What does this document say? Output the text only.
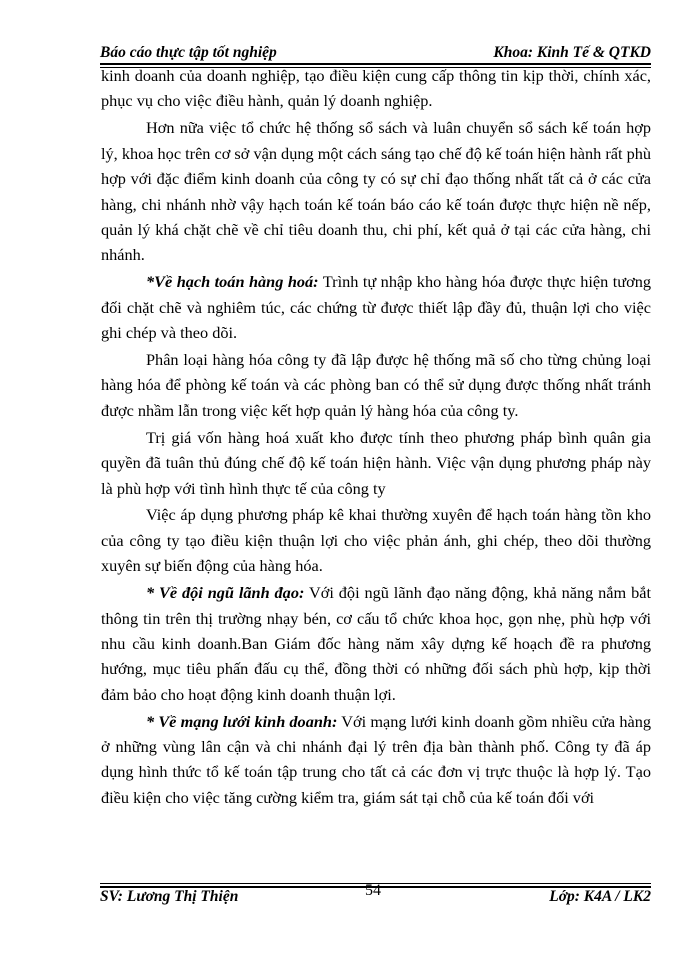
Báo cáo thực tập tốt nghiệp	Khoa: Kinh Tế & QTKD

kinh doanh của doanh nghiệp, tạo điều kiện cung cấp thông tin kịp thời, chính xác, phục vụ cho việc điều hành, quản lý doanh nghiệp.

Hơn nữa việc tổ chức hệ thống sổ sách và luân chuyển sổ sách kế toán hợp lý, khoa học trên cơ sở vận dụng một cách sáng tạo chế độ kế toán hiện hành rất phù hợp với đặc điểm kinh doanh của công ty có sự chỉ đạo thống nhất tất cả ở các cửa hàng, chi nhánh nhờ vậy hạch toán kế toán báo cáo kế toán được thực hiện nề nếp, quản lý khá chặt chẽ về chỉ tiêu doanh thu, chi phí, kết quả ở tại các cửa hàng, chi nhánh.

*Về hạch toán hàng hoá: Trình tự nhập kho hàng hóa được thực hiện tương đối chặt chẽ và nghiêm túc, các chứng từ được thiết lập đầy đủ, thuận lợi cho việc ghi chép và theo dõi.

Phân loại hàng hóa công ty đã lập được hệ thống mã số cho từng chủng loại hàng hóa để phòng kế toán và các phòng ban có thể sử dụng được thống nhất tránh được nhầm lẫn trong việc kết hợp quản lý hàng hóa của công ty.

Trị giá vốn hàng hoá xuất kho được tính theo phương pháp bình quân gia quyền đã tuân thủ đúng chế độ kế toán hiện hành. Việc vận dụng phương pháp này là phù hợp với tình hình thực tế của công ty

Việc áp dụng phương pháp kê khai thường xuyên để hạch toán hàng tồn kho của công ty tạo điều kiện thuận lợi cho việc phản ánh, ghi chép, theo dõi thường xuyên sự biến động của hàng hóa.

* Về đội ngũ lãnh đạo: Với đội ngũ lãnh đạo năng động, khả năng nắm bắt thông tin trên thị trường nhạy bén, cơ cấu tổ chức khoa học, gọn nhẹ, phù hợp với nhu cầu kinh doanh.Ban Giám đốc hàng năm xây dựng kế hoạch đề ra phương hướng, mục tiêu phấn đấu cụ thể, đồng thời có những đối sách phù hợp, kịp thời đảm bảo cho hoạt động kinh doanh thuận lợi.

* Về mạng lưới kinh doanh: Với mạng lưới kinh doanh gồm nhiều cửa hàng ở những vùng lân cận và chi nhánh đại lý trên địa bàn thành phố. Công ty đã áp dụng hình thức tổ kế toán tập trung cho tất cả các đơn vị trực thuộc là hợp lý. Tạo điều kiện cho việc tăng cường kiểm tra, giám sát tại chỗ của kế toán đối với

SV: Lương Thị Thiện	54	Lớp: K4A / LK2
